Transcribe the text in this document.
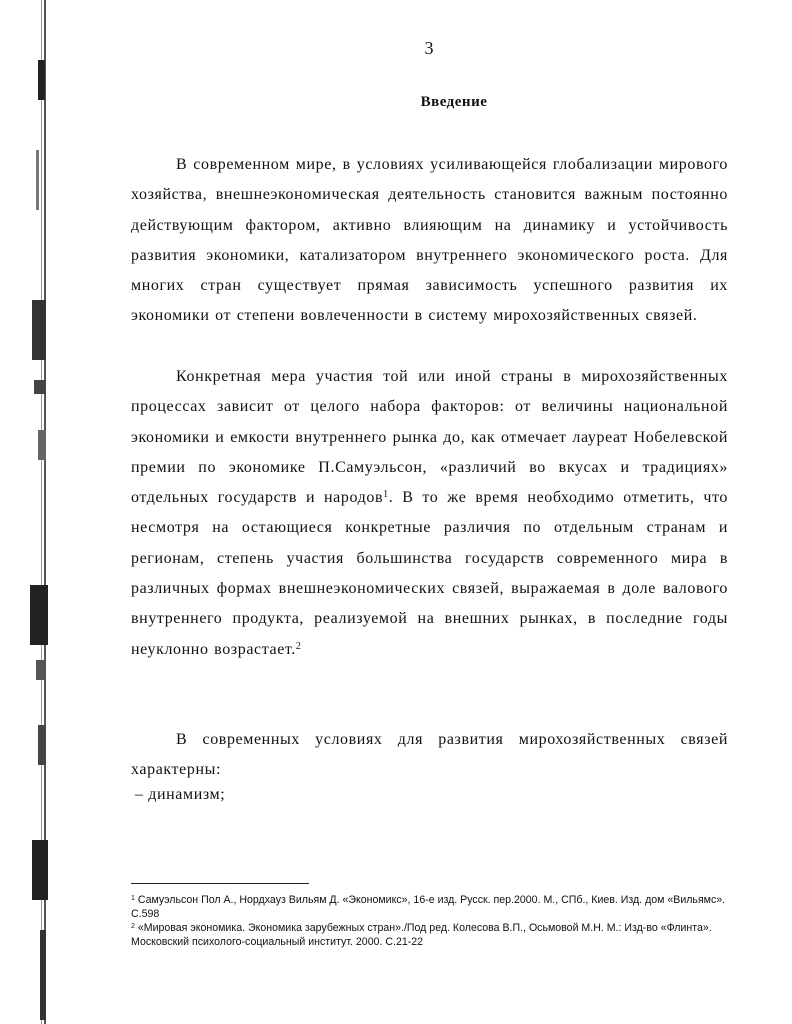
3
Введение
В современном мире, в условиях усиливающейся глобализации мирового хозяйства, внешнеэкономическая деятельность становится важным постоянно действующим фактором, активно влияющим на динамику и устойчивость развития экономики, катализатором внутреннего экономического роста. Для многих стран существует прямая зависимость успешного развития их экономики от степени вовлеченности в систему мирохозяйственных связей.
Конкретная мера участия той или иной страны в мирохозяйственных процессах зависит от целого набора факторов: от величины национальной экономики и емкости внутреннего рынка до, как отмечает лауреат Нобелевской премии по экономике П.Самуэльсон, «различий во вкусах и традициях» отдельных государств и народов$^1$. В то же время необходимо отметить, что несмотря на остающиеся конкретные различия по отдельным странам и регионам, степень участия большинства государств современного мира в различных формах внешнеэкономических связей, выражаемая в доле валового внутреннего продукта, реализуемой на внешних рынках, в последние годы неуклонно возрастает.$^2$
В современных условиях для развития мирохозяйственных связей характерны:
– динамизм;
$^1$ Самуэльсон Пол А., Нордхауз Вильям Д. «Экономикс», 16-е изд. Русск. пер.2000. М., СПб., Киев. Изд. дом «Вильямс». С.598
$^2$ «Мировая экономика. Экономика зарубежных стран»./Под ред. Колесова В.П., Осьмовой М.Н. М.: Изд-во «Флинта». Московский психолого-социальный институт. 2000. С.21-22
